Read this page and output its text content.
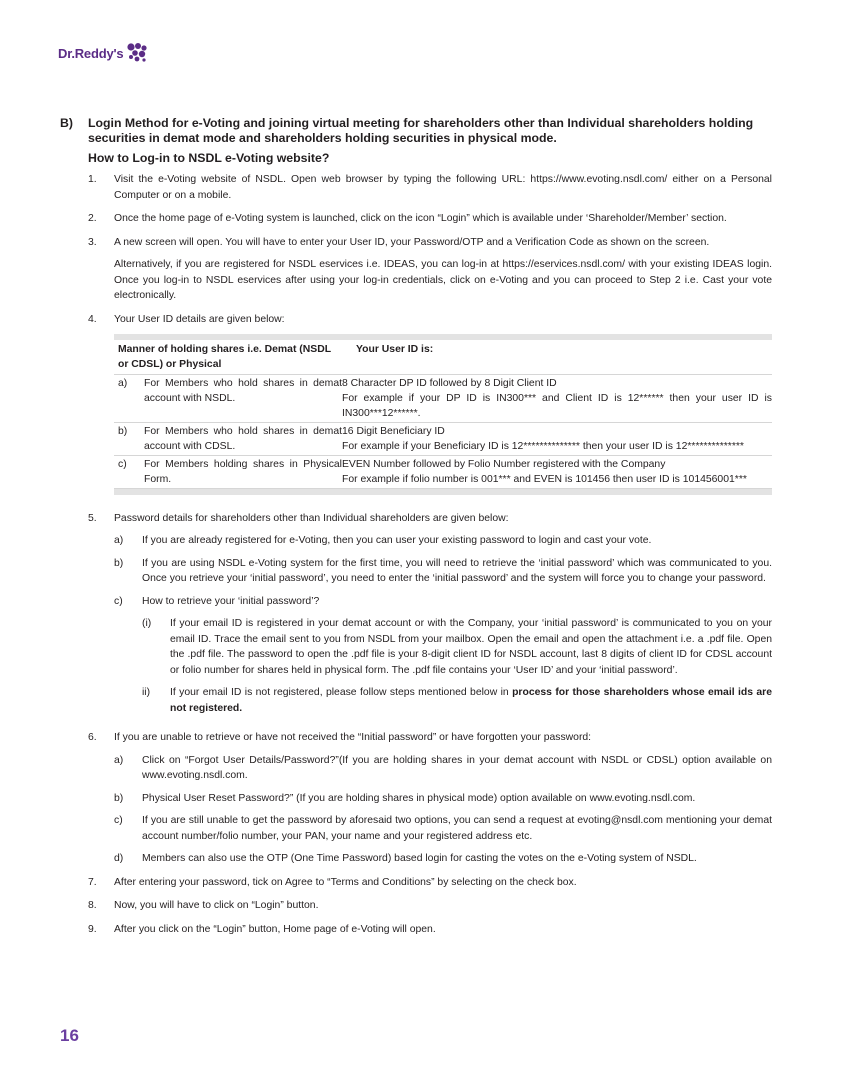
Dr.Reddy's
B)	Login Method for e-Voting and joining virtual meeting for shareholders other than Individual shareholders holding securities in demat mode and shareholders holding securities in physical mode.
How to Log-in to NSDL e-Voting website?
1.	Visit the e-Voting website of NSDL. Open web browser by typing the following URL: https://www.evoting.nsdl.com/ either on a Personal Computer or on a mobile.
2.	Once the home page of e-Voting system is launched, click on the icon “Login” which is available under ‘Shareholder/Member’ section.
3.	A new screen will open. You will have to enter your User ID, your Password/OTP and a Verification Code as shown on the screen.
Alternatively, if you are registered for NSDL eservices i.e. IDEAS, you can log-in at https://eservices.nsdl.com/ with your existing IDEAS login. Once you log-in to NSDL eservices after using your log-in credentials, click on e-Voting and you can proceed to Step 2 i.e. Cast your vote electronically.
4.	Your User ID details are given below:

Manner of holding shares i.e. Demat (NSDL or CDSL) or Physical		Your User ID is:
a)	For Members who hold shares in demat account with NSDL.	8 Character DP ID followed by 8 Digit Client ID
For example if your DP ID is IN300*** and Client ID is 12****** then your user ID is IN300***12******.

b)	For Members who hold shares in demat account with CDSL.	16 Digit Beneficiary ID
For example if your Beneficiary ID is 12************** then your user ID is 12**************

c)	For Members holding shares in Physical Form.	EVEN Number followed by Folio Number registered with the Company
For example if folio number is 001*** and EVEN is 101456 then user ID is 101456001***

5.	Password details for shareholders other than Individual shareholders are given below:
a)	If you are already registered for e-Voting, then you can user your existing password to login and cast your vote.
b)	If you are using NSDL e-Voting system for the first time, you will need to retrieve the ‘initial password’ which was communicated to you. Once you retrieve your ‘initial password’, you need to enter the ‘initial password’ and the system will force you to change your password.
c)	How to retrieve your ‘initial password’?
(i)	If your email ID is registered in your demat account or with the Company, your ‘initial password’ is communicated to you on your email ID. Trace the email sent to you from NSDL from your mailbox. Open the email and open the attachment i.e. a .pdf file. Open the .pdf file. The password to open the .pdf file is your 8-digit client ID for NSDL account, last 8 digits of client ID for CDSL account or folio number for shares held in physical form. The .pdf file contains your ‘User ID’ and your ‘initial password’.
ii)	If your email ID is not registered, please follow steps mentioned below in process for those shareholders whose email ids are not registered.
6.	If you are unable to retrieve or have not received the “Initial password” or have forgotten your password:
a)	Click on “Forgot User Details/Password?”(If you are holding shares in your demat account with NSDL or CDSL) option available on www.evoting.nsdl.com.
b)	Physical User Reset Password?” (If you are holding shares in physical mode) option available on www.evoting.nsdl.com.
c)	If you are still unable to get the password by aforesaid two options, you can send a request at evoting@nsdl.com mentioning your demat account number/folio number, your PAN, your name and your registered address etc.
d)	Members can also use the OTP (One Time Password) based login for casting the votes on the e-Voting system of NSDL.
7.	After entering your password, tick on Agree to “Terms and Conditions” by selecting on the check box.
8.	Now, you will have to click on “Login” button.
9.	After you click on the “Login” button, Home page of e-Voting will open.
16
